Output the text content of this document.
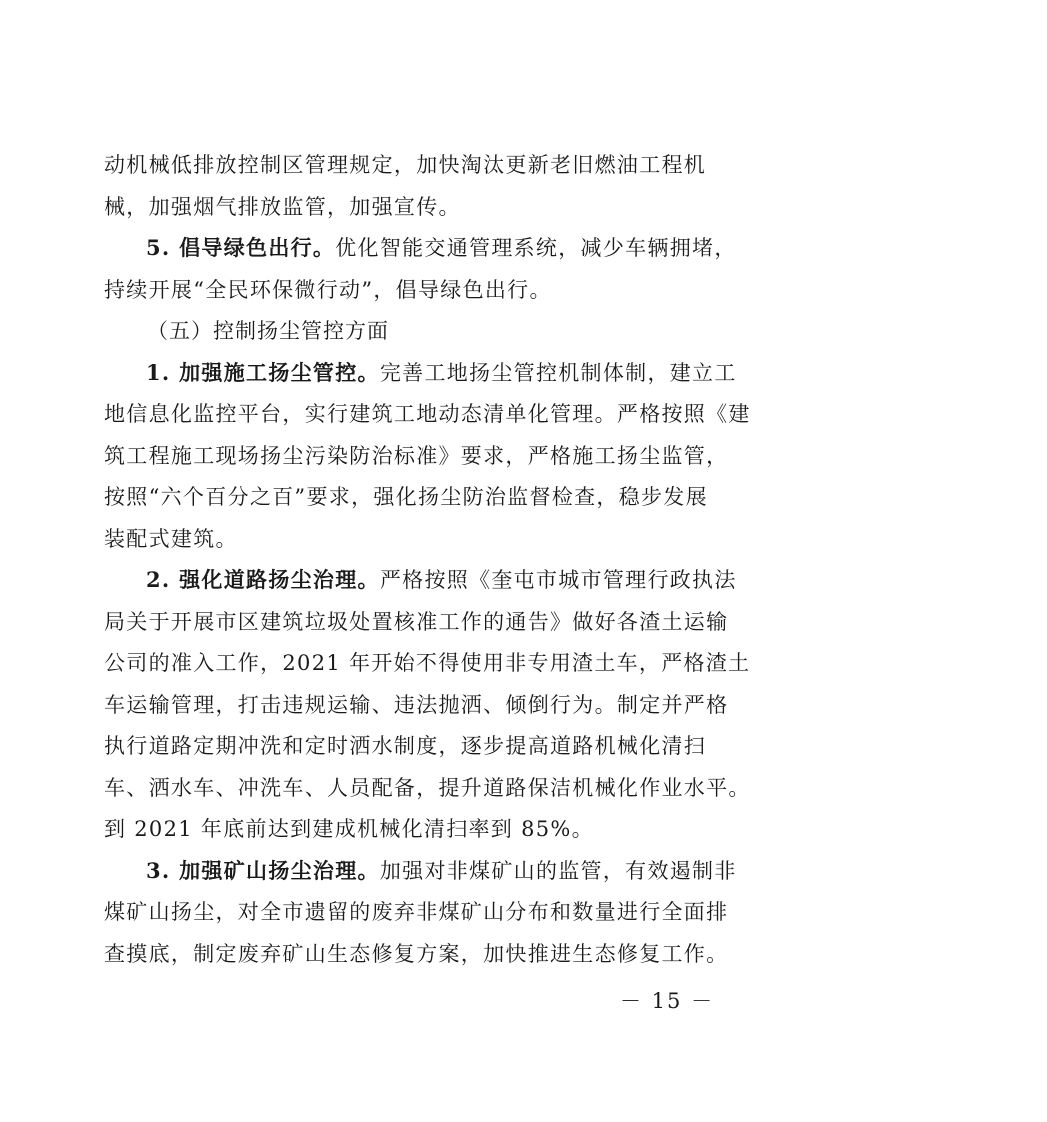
动机械低排放控制区管理规定，加快淘汰更新老旧燃油工程机
械，加强烟气排放监管，加强宣传。
5. 倡导绿色出行。优化智能交通管理系统，减少车辆拥堵，
持续开展“全民环保微行动”，倡导绿色出行。
（五）控制扬尘管控方面
1. 加强施工扬尘管控。完善工地扬尘管控机制体制，建立工
地信息化监控平台，实行建筑工地动态清单化管理。严格按照《建
筑工程施工现场扬尘污染防治标准》要求，严格施工扬尘监管，
按照“六个百分之百”要求，强化扬尘防治监督检查，稳步发展
装配式建筑。
2. 强化道路扬尘治理。严格按照《奎屯市城市管理行政执法
局关于开展市区建筑垃圾处置核准工作的通告》做好各渣土运输
公司的准入工作，2021 年开始不得使用非专用渣土车，严格渣土
车运输管理，打击违规运输、违法抛洒、倾倒行为。制定并严格
执行道路定期冲洗和定时洒水制度，逐步提高道路机械化清扫
车、洒水车、冲洗车、人员配备，提升道路保洁机械化作业水平。
到 2021 年底前达到建成机械化清扫率到 85%。
3. 加强矿山扬尘治理。加强对非煤矿山的监管，有效遏制非
煤矿山扬尘，对全市遗留的废弃非煤矿山分布和数量进行全面排
查摸底，制定废弃矿山生态修复方案，加快推进生态修复工作。
－ 15 －
